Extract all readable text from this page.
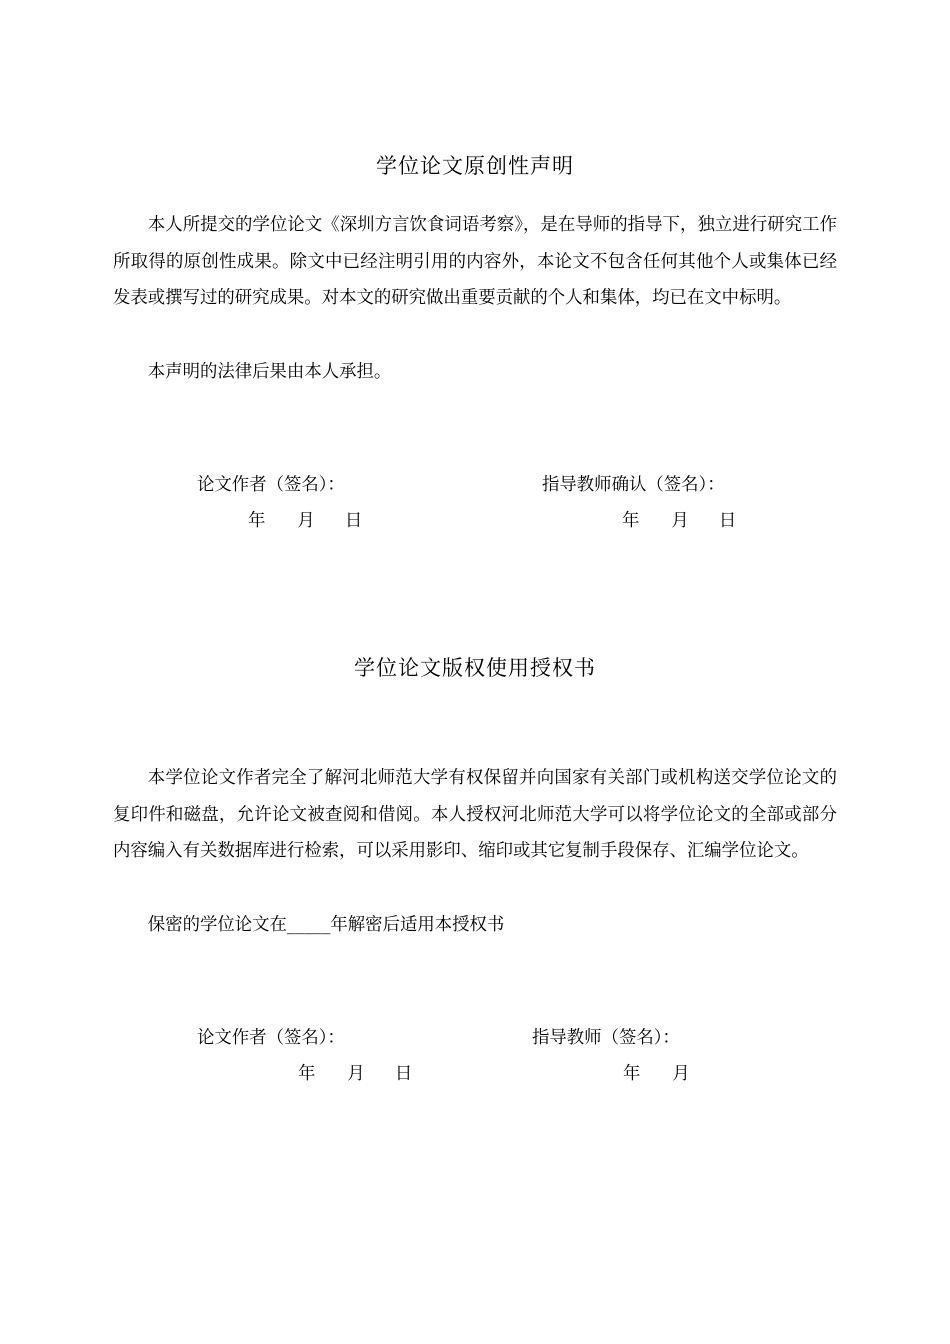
学位论文原创性声明
本人所提交的学位论文《深圳方言饮食词语考察》，是在导师的指导下，独立进行研究工作所取得的原创性成果。除文中已经注明引用的内容外，本论文不包含任何其他个人或集体已经发表或撰写过的研究成果。对本文的研究做出重要贡献的个人和集体，均已在文中标明。
本声明的法律后果由本人承担。
论文作者（签名）：	指导教师确认（签名）：
年 月 日	年 月 日
学位论文版权使用授权书
本学位论文作者完全了解河北师范大学有权保留并向国家有关部门或机构送交学位论文的复印件和磁盘，允许论文被查阅和借阅。本人授权河北师范大学可以将学位论文的全部或部分内容编入有关数据库进行检索，可以采用影印、缩印或其它复制手段保存、汇编学位论文。
保密的学位论文在_____年解密后适用本授权书
论文作者（签名）：	指导教师（签名）：
年 月 日	年 月
